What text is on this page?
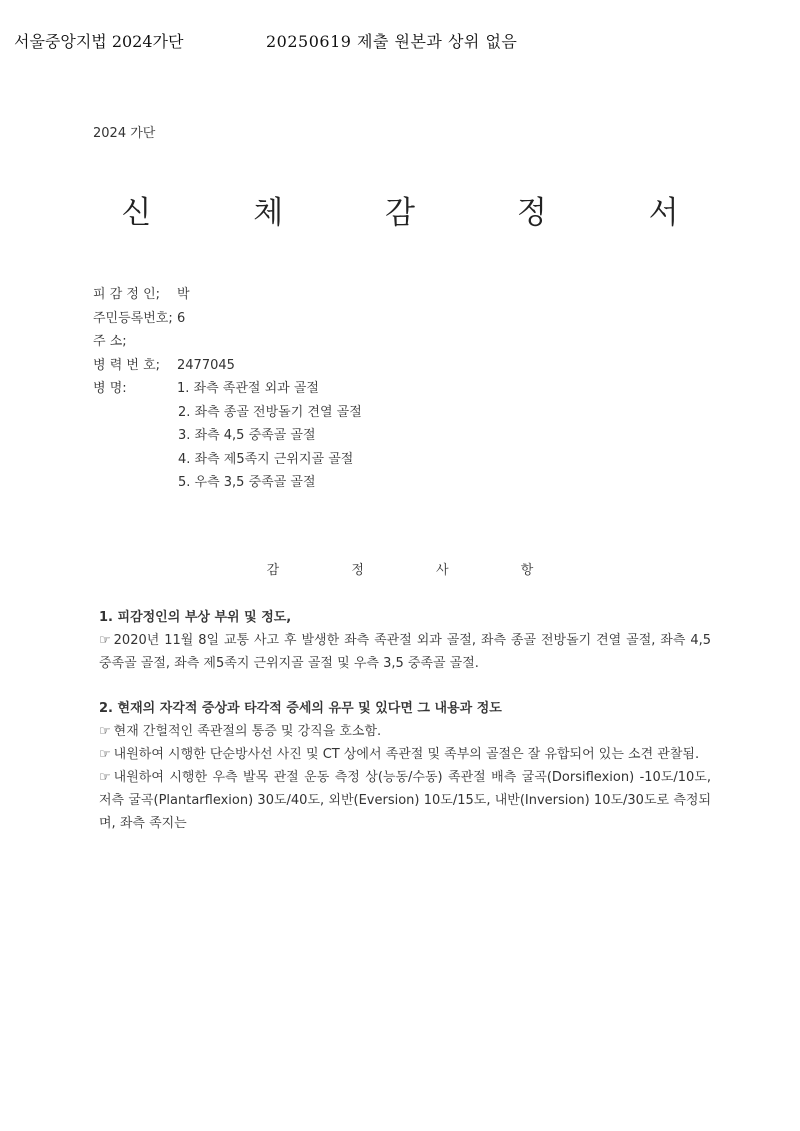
서울중앙지법 2024가단	20250619 제출 원본과 상위 없음
2024 가단
신 체 감 정 서
피 감 정 인;	박
주민등록번호; 6
주 소;
병 력 번 호;	2477045
병 명:	1. 좌측 족관절 외과 골절
2. 좌측 종골 전방돌기 견열 골절
3. 좌측 4,5 중족골 골절
4. 좌측 제5족지 근위지골 골절
5. 우측 3,5 중족골 골절
감 정 사 항

1. 피감정인의 부상 부위 및 정도,

☞ 2020년 11월 8일 교통 사고 후 발생한 좌측 족관절 외과 골절, 좌측 종골 전방돌기 견열 골절, 좌측 4,5 중족골 골절, 좌측 제5족지 근위지골 골절 및 우측 3,5 중족골 골절.

2. 현재의 자각적 증상과 타각적 증세의 유무 및 있다면 그 내용과 정도

☞ 현재 간헐적인 족관절의 통증 및 강직을 호소함.

☞ 내원하여 시행한 단순방사선 사진 및 CT 상에서 족관절 및 족부의 골절은 잘 유합되어 있는 소견 관찰됨.

☞ 내원하여 시행한 우측 발목 관절 운동 측정 상(능동/수동) 족관절 배측 굴곡(Dorsiflexion) -10도/10도, 저측 굴곡(Plantarflexion) 30도/40도, 외반(Eversion) 10도/15도, 내반(Inversion) 10도/30도로 측정되며, 좌측 족지는
